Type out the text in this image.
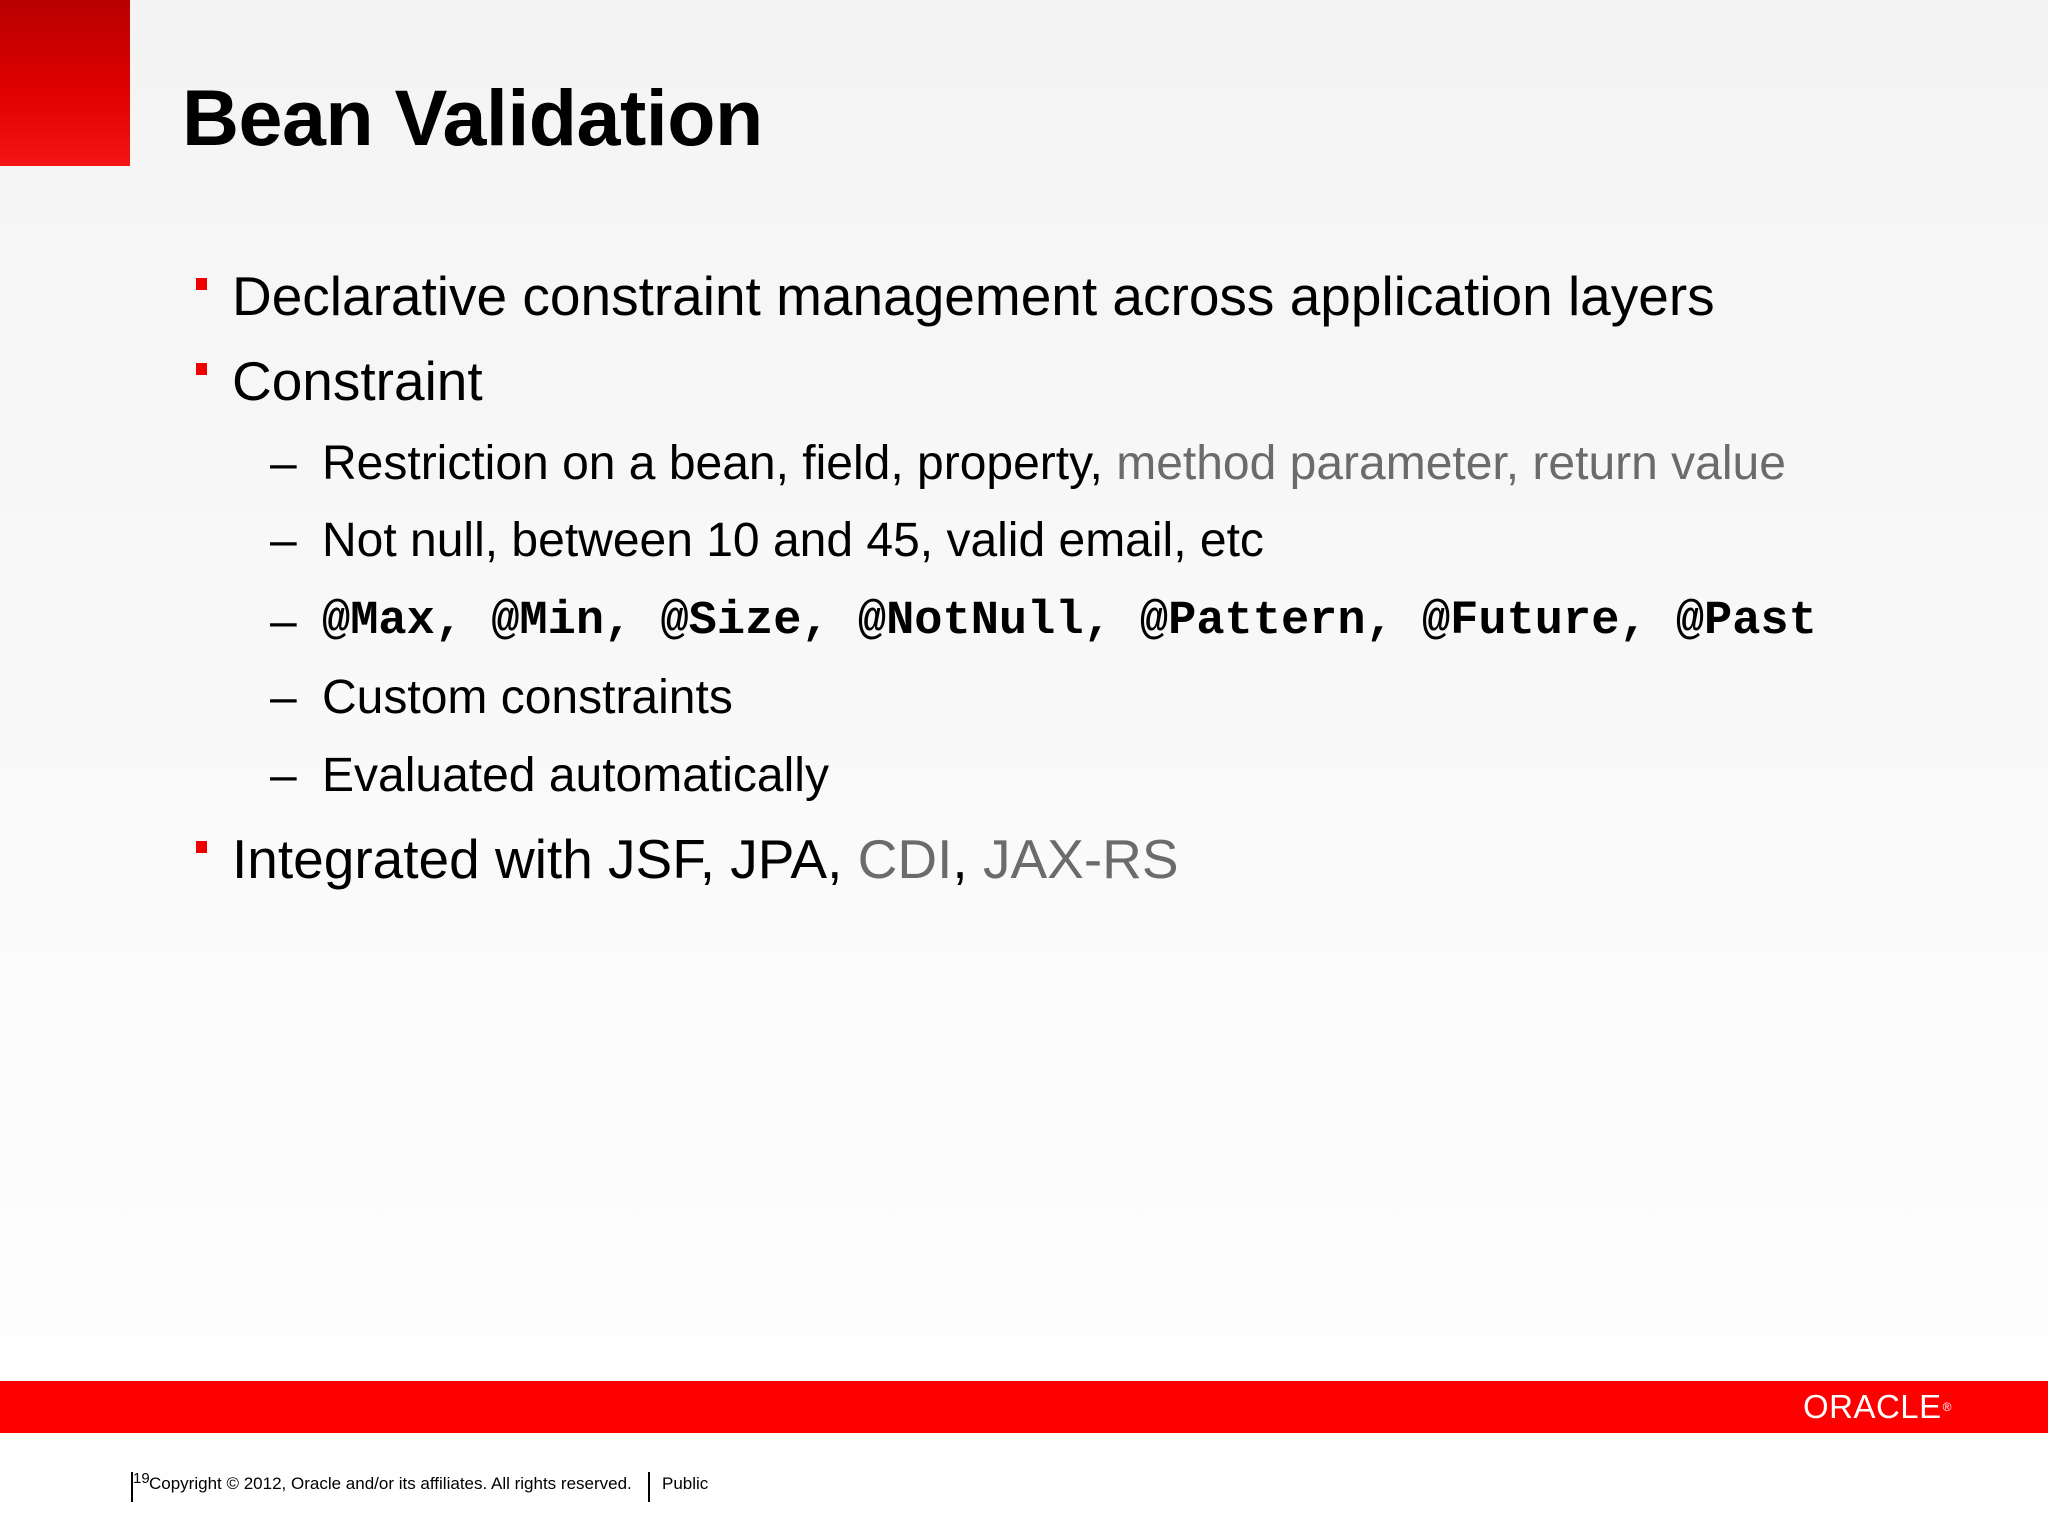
Bean Validation
Declarative constraint management across application layers
Constraint
– Restriction on a bean, field, property, method parameter, return value
– Not null, between 10 and 45, valid email, etc
– @Max, @Min, @Size, @NotNull, @Pattern, @Future, @Past
– Custom constraints
– Evaluated automatically
Integrated with JSF, JPA, CDI, JAX-RS
ORACLE®
19 Copyright © 2012, Oracle and/or its affiliates. All rights reserved. Public
